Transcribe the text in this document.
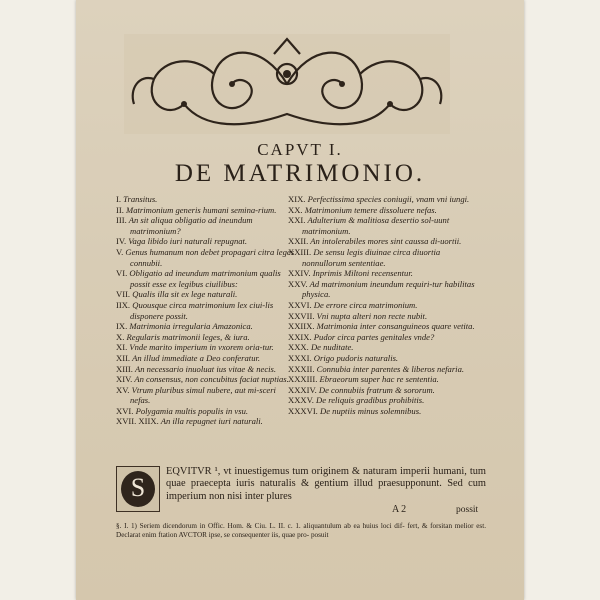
CAPVT I.
DE MATRIMONIO.
I. Transitus.
II. Matrimonium generis humani semina-rium.
III. An sit aliqua obligatio ad ineundum matrimonium?
IV. Vaga libido iuri naturali repugnat.
V. Genus humanum non debet propagari citra leges connubii.
VI. Obligatio ad ineundum matrimonium qualis possit esse ex legibus ciuilibus:
VII. Qualis illa sit ex lege naturali.
IIX. Quousque circa matrimonium lex ciui-lis disponere possit.
IX. Matrimonia irregularia Amazonica.
X. Regularis matrimonii leges, & iura.
XI. Vnde marito imperium in vxorem oria-tur.
XII. An illud immediate a Deo conferatur.
XIII. An necessario inuoluat ius vitae & necis.
XIV. An consensus, non concubitus faciat nuptias.
XV. Vtrum pluribus simul nubere, aut mi-sceri nefas.
XVI. Polygamia multis populis in vsu.
XVII. XIIX. An illa repugnet iuri naturali.
XIX. Perfectissima species coniugii, vnam vni iungi.
XX. Matrimonium temere dissoluere nefas.
XXI. Adulterium & malitiosa desertio sol-uunt matrimonium.
XXII. An intolerabiles mores sint caussa di-uortii.
XXIII. De sensu legis diuinae circa diuortia nonnullorum sententiae.
XXIV. Inprimis Miltoni recensentur.
XXV. Ad matrimonium ineundum requiri-tur habilitas physica.
XXVI. De errore circa matrimonium.
XXVII. Vni nupta alteri non recte nubit.
XXIIX. Matrimonia inter consanguineos quare vetita.
XXIX. Pudor circa partes genitales vnde?
XXX. De nuditate.
XXXI. Origo pudoris naturalis.
XXXII. Connubia inter parentes & liberos nefaria.
XXXIII. Ebraeorum super hac re sententia.
XXXIV. De connubiis fratrum & sororum.
XXXV. De reliquis gradibus prohibitis.
XXXVI. De nuptiis minus solemnibus.
S
EQVITVR ¹, vt inuestigemus tum originem & naturam imperii humani, tum quae praecepta iuris naturalis & gentium illud praesupponunt. Sed cum imperium non nisi inter plures
A 2	possit
§. I. 1) Seriem dicendorum in Offic. Hom. & Ciu. L. II. c. 1. aliquantulum ab ea huius loci dif- fert, & forsitan melior est. Declarat enim ftation AVCTOR ipse, se consequenter iis, quae pro- posuit
